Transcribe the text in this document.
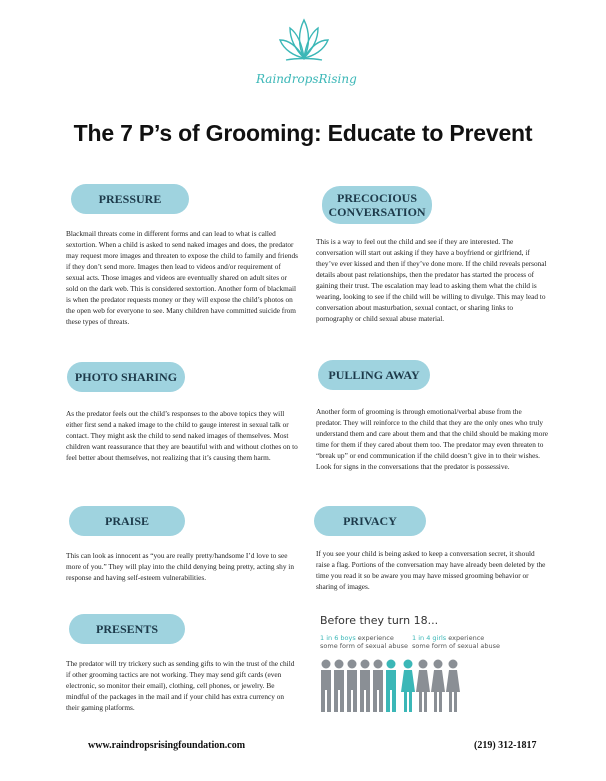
RaindropsRising
The 7 P’s of Grooming: Educate to Prevent
PRESSURE
Blackmail threats come in different forms and can lead to what is called sextortion. When a child is asked to send naked images and does, the predator may request more images and threaten to expose the child to family and friends if they don’t send more. Images then lead to videos and/or requirement of sexual acts. Those images and videos are eventually shared on adult sites or sold on the dark web. This is considered sextortion. Another form of blackmail is when the predator requests money or they will expose the child’s photos on the open web for everyone to see. Many children have committed suicide from these types of threats.
PRECOCIOUS
CONVERSATION
This is a way to feel out the child and see if they are interested. The conversation will start out asking if they have a boyfriend or girlfriend, if they’ve ever kissed and then if they’ve done more. If the child reveals personal details about past relationships, then the predator has started the process of gaining their trust. The escalation may lead to asking them what the child is wearing, looking to see if the child will be willing to divulge. This may lead to conversation about masturbation, sexual contact, or sharing links to pornography or child sexual abuse material.
PHOTO SHARING
As the predator feels out the child’s responses to the above topics they will either first send a naked image to the child to gauge interest in sexual talk or contact. They might ask the child to send naked images of themselves. Most children want reassurance that they are beautiful with and without clothes on to feel better about themselves, not realizing that it’s causing them harm.
PULLING AWAY
Another form of grooming is through emotional/verbal abuse from the predator. They will reinforce to the child that they are the only ones who truly understand them and care about them and that the child should be making more time for them if they cared about them too. The predator may even threaten to “break up” or end communication if the child doesn’t give in to their wishes. Look for signs in the conversations that the predator is possessive.
PRAISE
This can look as innocent as “you are really pretty/handsome I’d love to see more of you.” They will play into the child denying being pretty, acting shy in response and having self-esteem vulnerabilities.
PRIVACY
If you see your child is being asked to keep a conversation secret, it should raise a flag. Portions of the conversation may have already been deleted by the time you read it so be aware you may have missed grooming behavior or sharing of images.
PRESENTS
The predator will try trickery such as sending gifts to win the trust of the child if other grooming tactics are not working. They may send gift cards (even electronic, so monitor their email), clothing, cell phones, or jewelry. Be mindful of the packages in the mail and if your child has extra currency on their gaming platforms.
Before they turn 18...
1 in 6 boys experience
some form of sexual abuse
1 in 4 girls experience
some form of sexual abuse
www.raindropsrisingfoundation.com	(219) 312-1817
